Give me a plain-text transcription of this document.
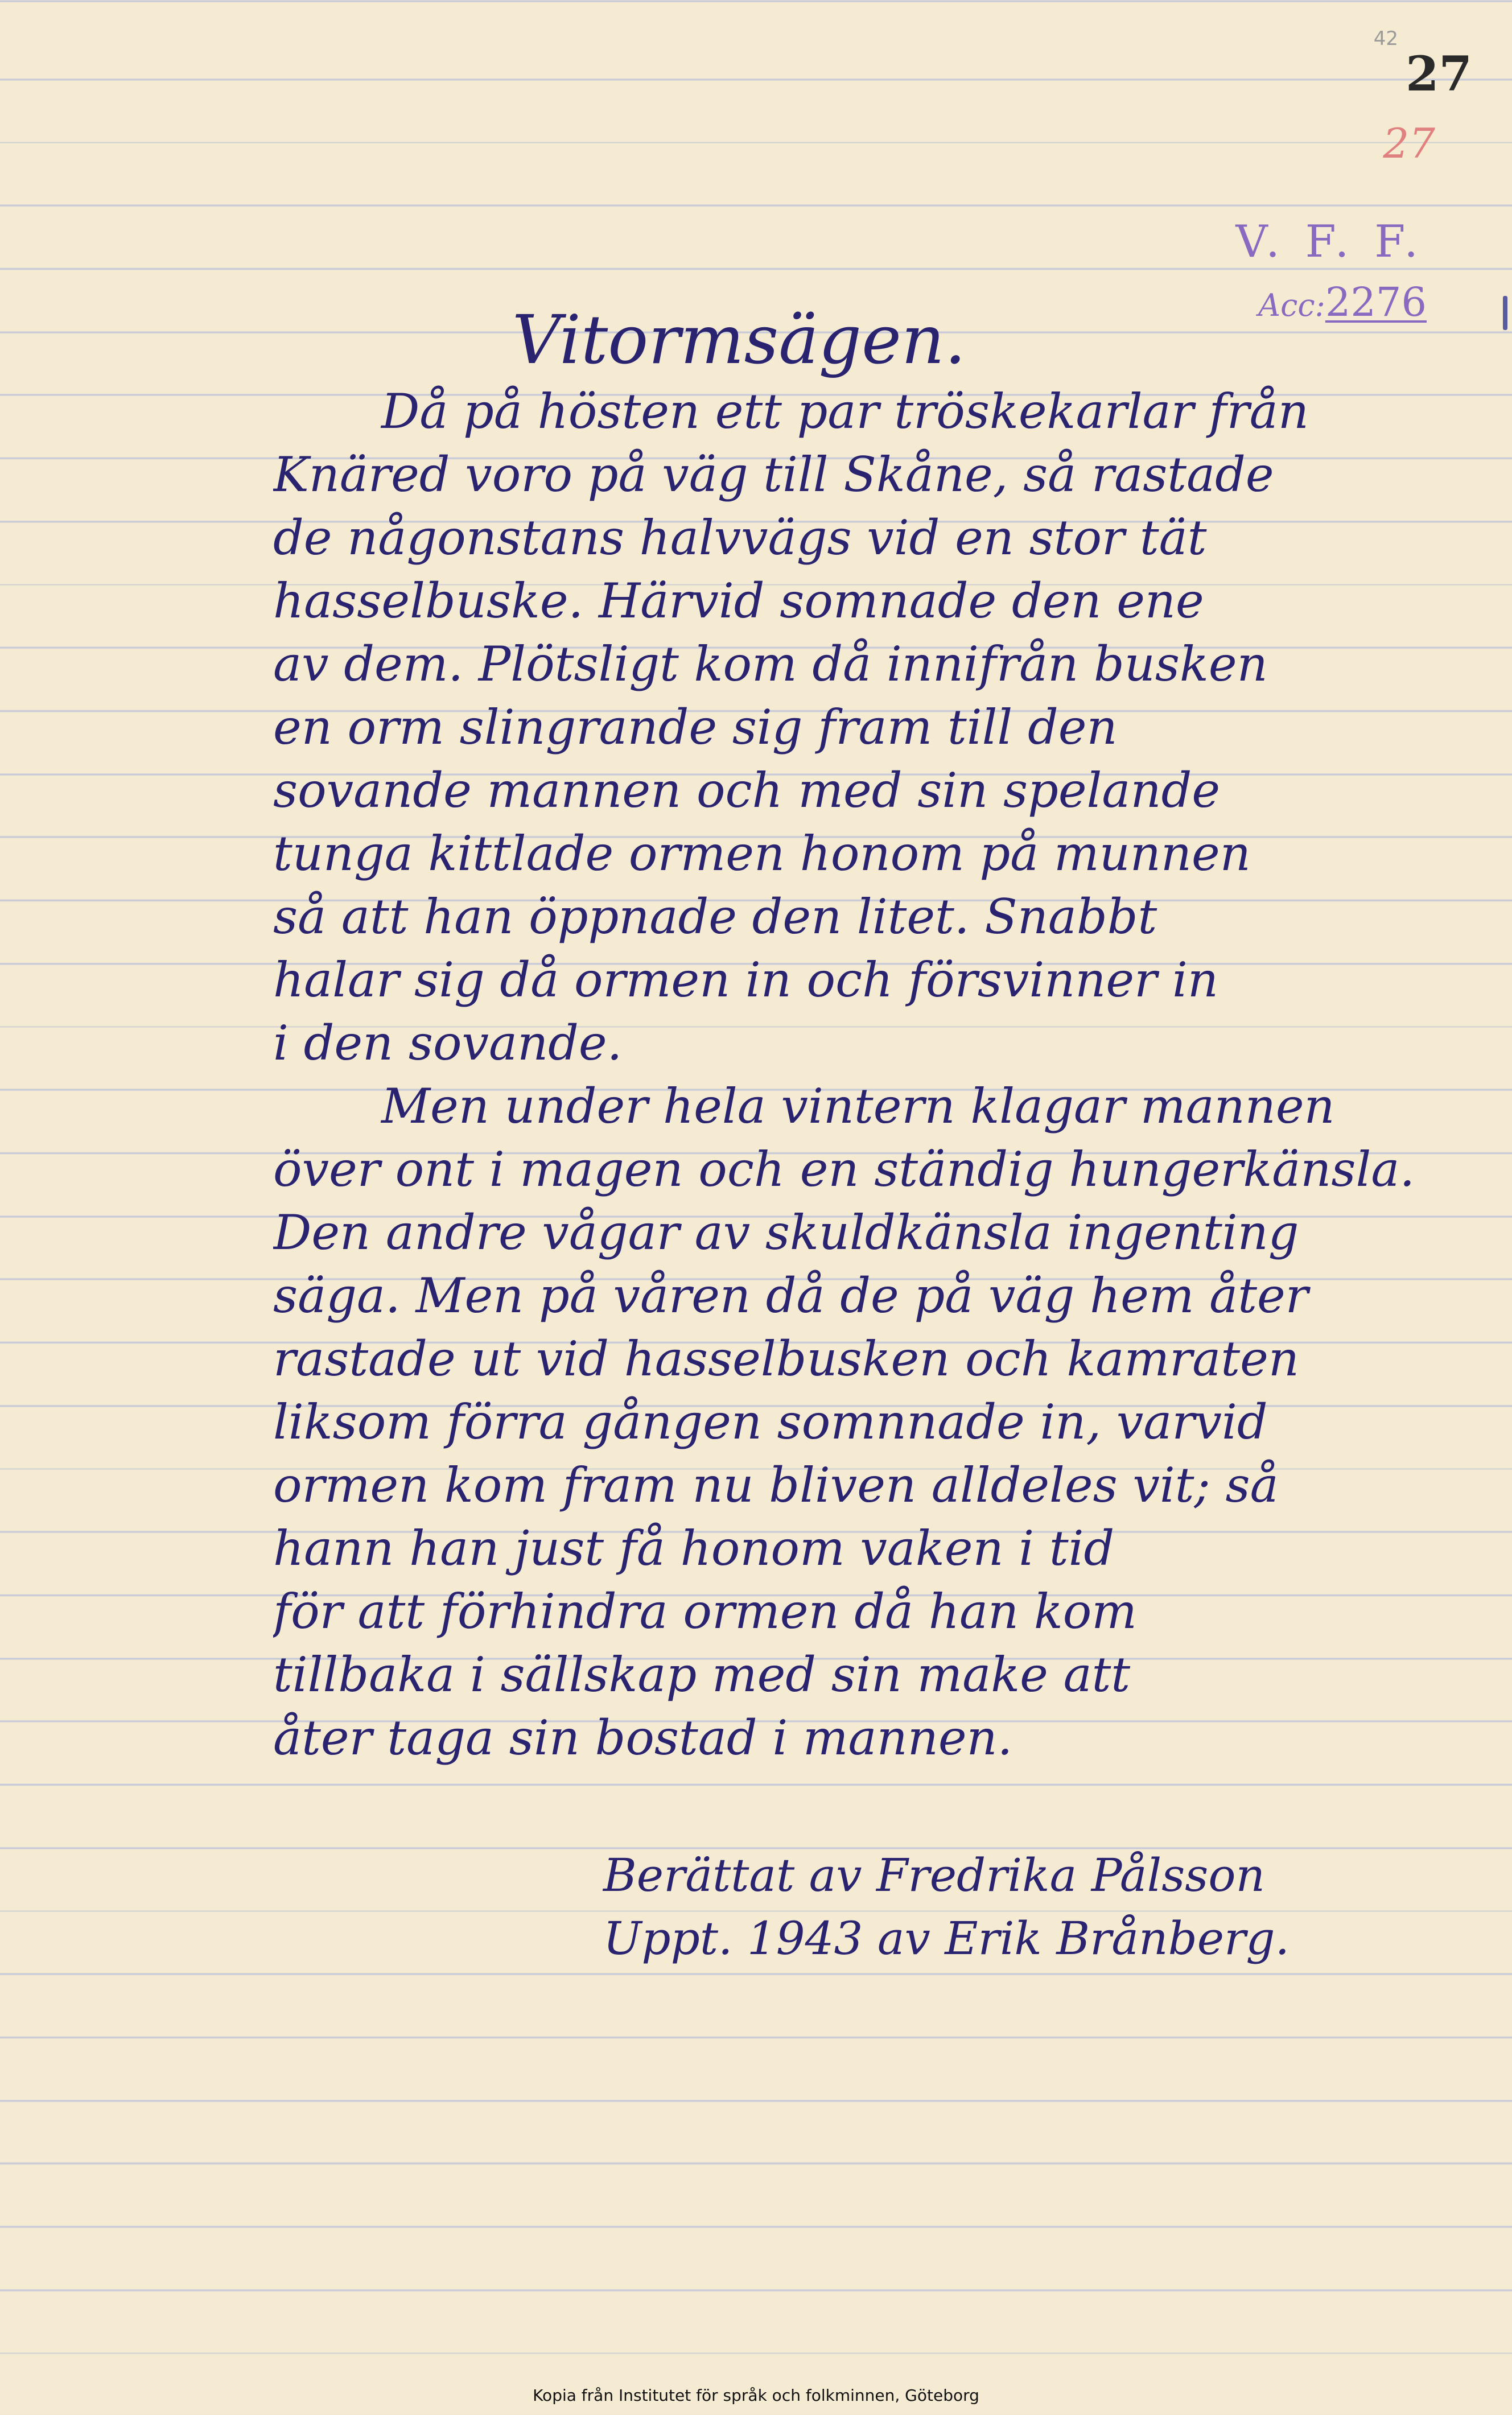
42
27
27
V. F. F.
Acc:2276
Vitormsägen.
Då på hösten ett par tröskekarlar från
Knäred voro på väg till Skåne, så rastade
de någonstans halvvägs vid en stor tät
hasselbuske. Härvid somnade den ene
av dem. Plötsligt kom då innifrån busken
en orm slingrande sig fram till den
sovande mannen och med sin spelande
tunga kittlade ormen honom på munnen
så att han öppnade den litet. Snabbt
halar sig då ormen in och försvinner in
i den sovande.
Men under hela vintern klagar mannen
över ont i magen och en ständig hungerkänsla.
Den andre vågar av skuldkänsla ingenting
säga. Men på våren då de på väg hem åter
rastade ut vid hasselbusken och kamraten
liksom förra gången somnnade in, varvid
ormen kom fram nu bliven alldeles vit; så
hann han just få honom vaken i tid
för att förhindra ormen då han kom
tillbaka i sällskap med sin make att
åter taga sin bostad i mannen.
Berättat av Fredrika Pålsson
Uppt. 1943 av Erik Brånberg.
Kopia från Institutet för språk och folkminnen, Göteborg
